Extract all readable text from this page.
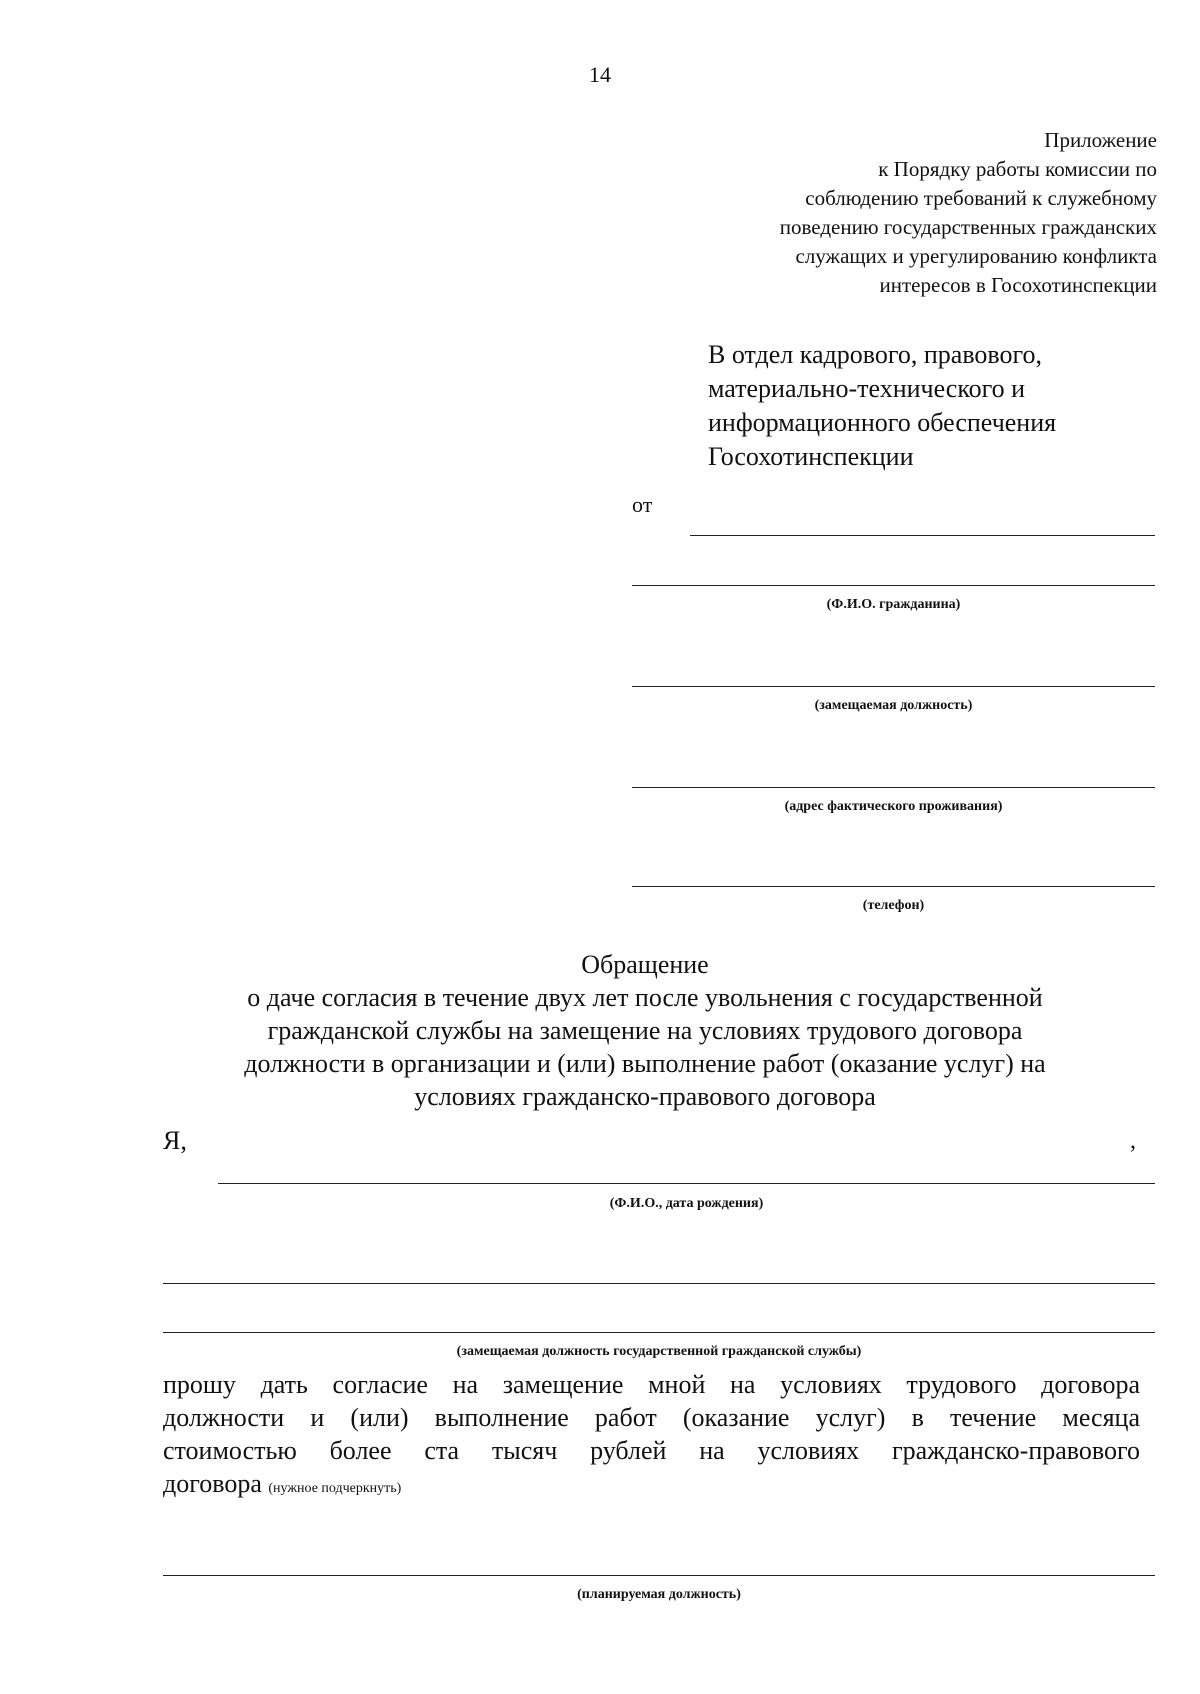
14
Приложение
к Порядку работы комиссии по
соблюдению требований к служебному
поведению государственных гражданских
служащих и урегулированию конфликта
интересов в Госохотинспекции
В отдел кадрового, правового,
материально-технического и
информационного обеспечения
Госохотинспекции
от
(Ф.И.О. гражданина)
(замещаемая должность)
(адрес фактического проживания)
(телефон)
Обращение
о даче согласия в течение двух лет после увольнения с государственной
гражданской службы на замещение на условиях трудового договора
должности в организации и (или) выполнение работ (оказание услуг) на
условиях гражданско-правового договора
Я,	,
(Ф.И.О., дата рождения)
(замещаемая должность государственной гражданской службы)
прошу дать согласие на замещение мной на условиях трудового договора
должности и (или) выполнение работ (оказание услуг) в течение месяца
стоимостью более ста тысяч рублей на условиях гражданско-правового
договора (нужное подчеркнуть)
(планируемая должность)
